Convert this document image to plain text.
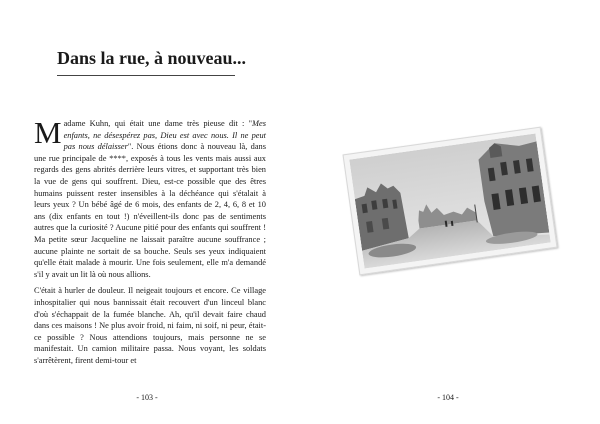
Dans la rue, à nouveau...

Madame Kuhn, qui était une dame très pieuse dit : "Mes enfants, ne désespérez pas, Dieu est avec nous. Il ne peut pas nous délaisser". Nous étions donc à nouveau là, dans une rue principale de ****, exposés à tous les vents mais aussi aux regards des gens abrités derrière leurs vitres, et supportant très bien la vue de gens qui souffrent. Dieu, est-ce possible que des êtres humains puissent rester insensibles à la déchéance qui s'étalait à leurs yeux ? Un bébé âgé de 6 mois, des enfants de 2, 4, 6, 8 et 10 ans (dix enfants en tout !) n'éveillent-ils donc pas de sentiments autres que la curiosité ? Aucune pitié pour des enfants qui souffrent ! Ma petite sœur Jacqueline ne laissait paraître aucune souffrance ; aucune plainte ne sortait de sa bouche. Seuls ses yeux indiquaient qu'elle était malade à mourir. Une fois seulement, elle m'a demandé s'il y avait un lit là où nous allions.

C'était à hurler de douleur. Il neigeait toujours et encore. Ce village inhospitalier qui nous bannissait était recouvert d'un linceul blanc d'où s'échappait de la fumée blanche. Ah, qu'il devait faire chaud dans ces maisons ! Ne plus avoir froid, ni faim, ni soif, ni peur, était-ce possible ? Nous attendions toujours, mais personne ne se manifestait. Un camion militaire passa. Nous voyant, les soldats s'arrêtèrent, firent demi-tour et

- 103 -	- 104 -
